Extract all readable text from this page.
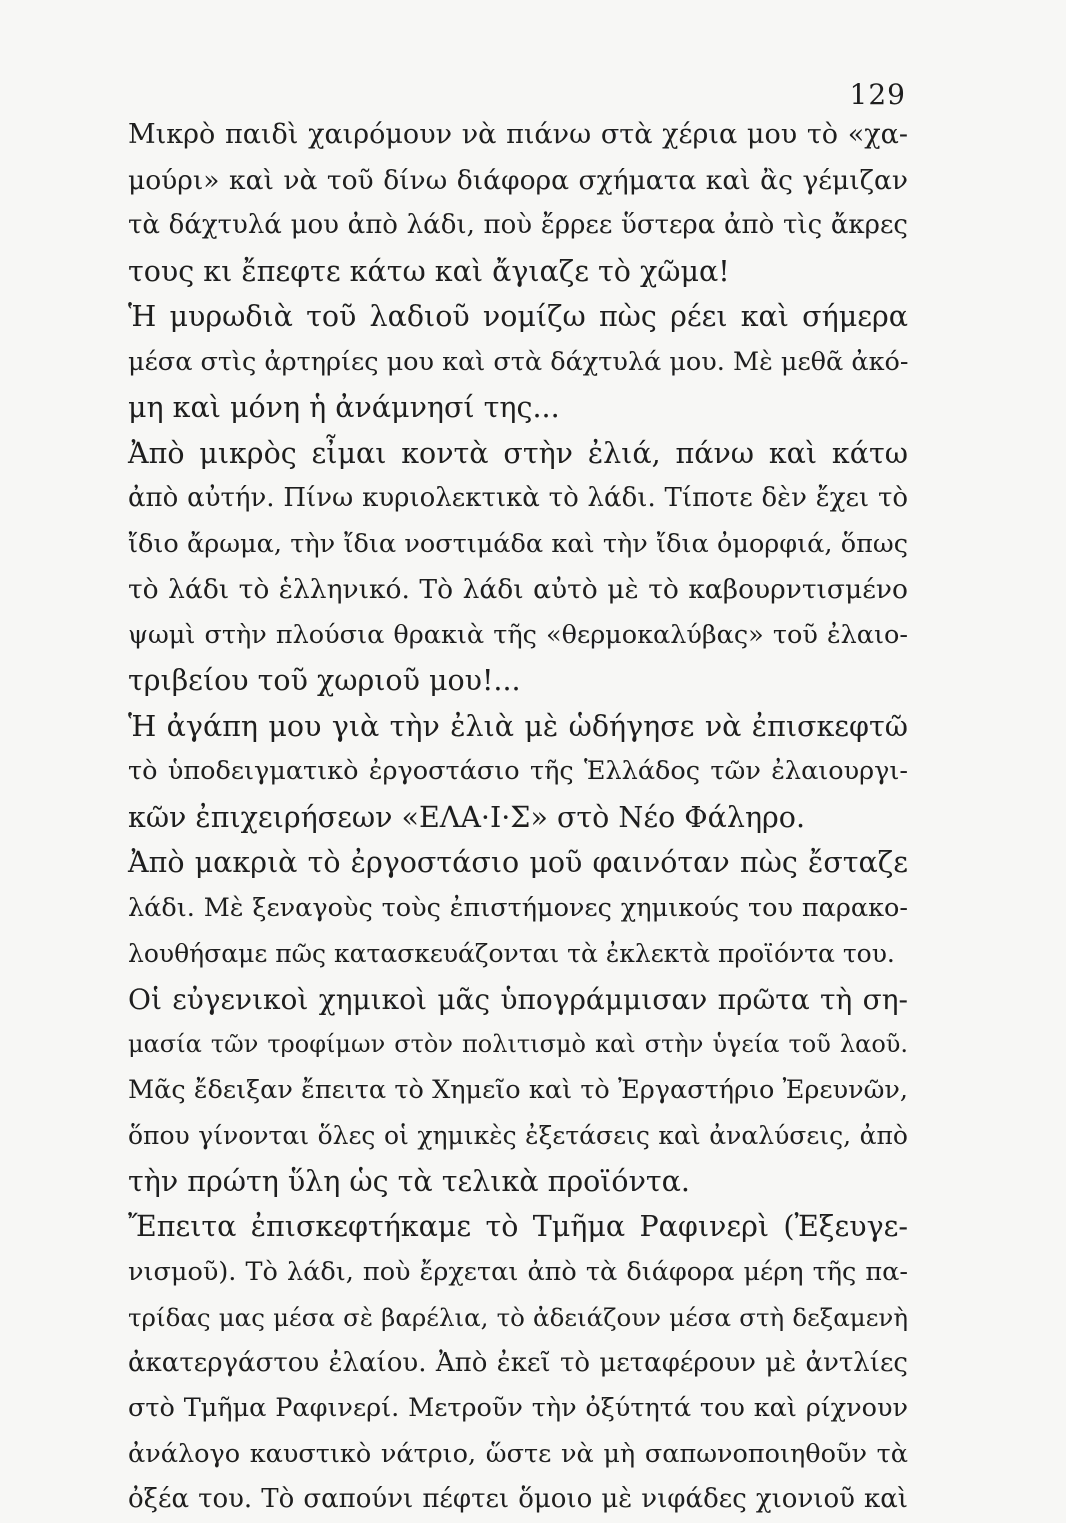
129
Μικρὸ παιδὶ χαιρόμουν νὰ πιάνω στὰ χέρια μου τὸ «χα-
μούρι» καὶ νὰ τοῦ δίνω διάφορα σχήματα καὶ ἂς γέμιζαν
τὰ δάχτυλά μου ἀπὸ λάδι, ποὺ ἔρρεε ὕστερα ἀπὸ τὶς ἄκρες
τους κι ἔπεφτε κάτω καὶ ἄγιαζε τὸ χῶμα!
Ἡ μυρωδιὰ τοῦ λαδιοῦ νομίζω πὼς ρέει καὶ σήμερα
μέσα στὶς ἀρτηρίες μου καὶ στὰ δάχτυλά μου. Μὲ μεθᾶ ἀκό-
μη καὶ μόνη ἡ ἀνάμνησί της...
Ἀπὸ μικρὸς εἶμαι κοντὰ στὴν ἐλιά, πάνω καὶ κάτω
ἀπὸ αὐτήν. Πίνω κυριολεκτικὰ τὸ λάδι. Τίποτε δὲν ἔχει τὸ
ἴδιο ἄρωμα, τὴν ἴδια νοστιμάδα καὶ τὴν ἴδια ὀμορφιά, ὅπως
τὸ λάδι τὸ ἑλληνικό. Τὸ λάδι αὐτὸ μὲ τὸ καβουρντισμένο
ψωμὶ στὴν πλούσια θρακιὰ τῆς «θερμοκαλύβας» τοῦ ἐλαιο-
τριβείου τοῦ χωριοῦ μου!...
Ἡ ἀγάπη μου γιὰ τὴν ἐλιὰ μὲ ὡδήγησε νὰ ἐπισκεφτῶ
τὸ ὑποδειγματικὸ ἐργοστάσιο τῆς Ἑλλάδος τῶν ἐλαιουργι-
κῶν ἐπιχειρήσεων «ΕΛΑ·Ι·Σ» στὸ Νέο Φάληρο.
Ἀπὸ μακριὰ τὸ ἐργοστάσιο μοῦ φαινόταν πὼς ἔσταζε
λάδι. Μὲ ξεναγοὺς τοὺς ἐπιστήμονες χημικούς του παρακο-
λουθήσαμε πῶς κατασκευάζονται τὰ ἐκλεκτὰ προϊόντα του.
Οἱ εὐγενικοὶ χημικοὶ μᾶς ὑπογράμμισαν πρῶτα τὴ ση-
μασία τῶν τροφίμων στὸν πολιτισμὸ καὶ στὴν ὑγεία τοῦ λαοῦ.
Μᾶς ἔδειξαν ἔπειτα τὸ Χημεῖο καὶ τὸ Ἐργαστήριο Ἐρευνῶν,
ὅπου γίνονται ὅλες οἱ χημικὲς ἐξετάσεις καὶ ἀναλύσεις, ἀπὸ
τὴν πρώτη ὕλη ὡς τὰ τελικὰ προϊόντα.
Ἔπειτα ἐπισκεφτήκαμε τὸ Τμῆμα Ραφινερὶ (Ἐξευγε-
νισμοῦ). Τὸ λάδι, ποὺ ἔρχεται ἀπὸ τὰ διάφορα μέρη τῆς πα-
τρίδας μας μέσα σὲ βαρέλια, τὸ ἀδειάζουν μέσα στὴ δεξαμενὴ
ἀκατεργάστου ἐλαίου. Ἀπὸ ἐκεῖ τὸ μεταφέρουν μὲ ἀντλίες
στὸ Τμῆμα Ραφινερί. Μετροῦν τὴν ὀξύτητά του καὶ ρίχνουν
ἀνάλογο καυστικὸ νάτριο, ὥστε νὰ μὴ σαπωνοποιηθοῦν τὰ
ὀξέα του. Τὸ σαπούνι πέφτει ὅμοιο μὲ νιφάδες χιονιοῦ καὶ
